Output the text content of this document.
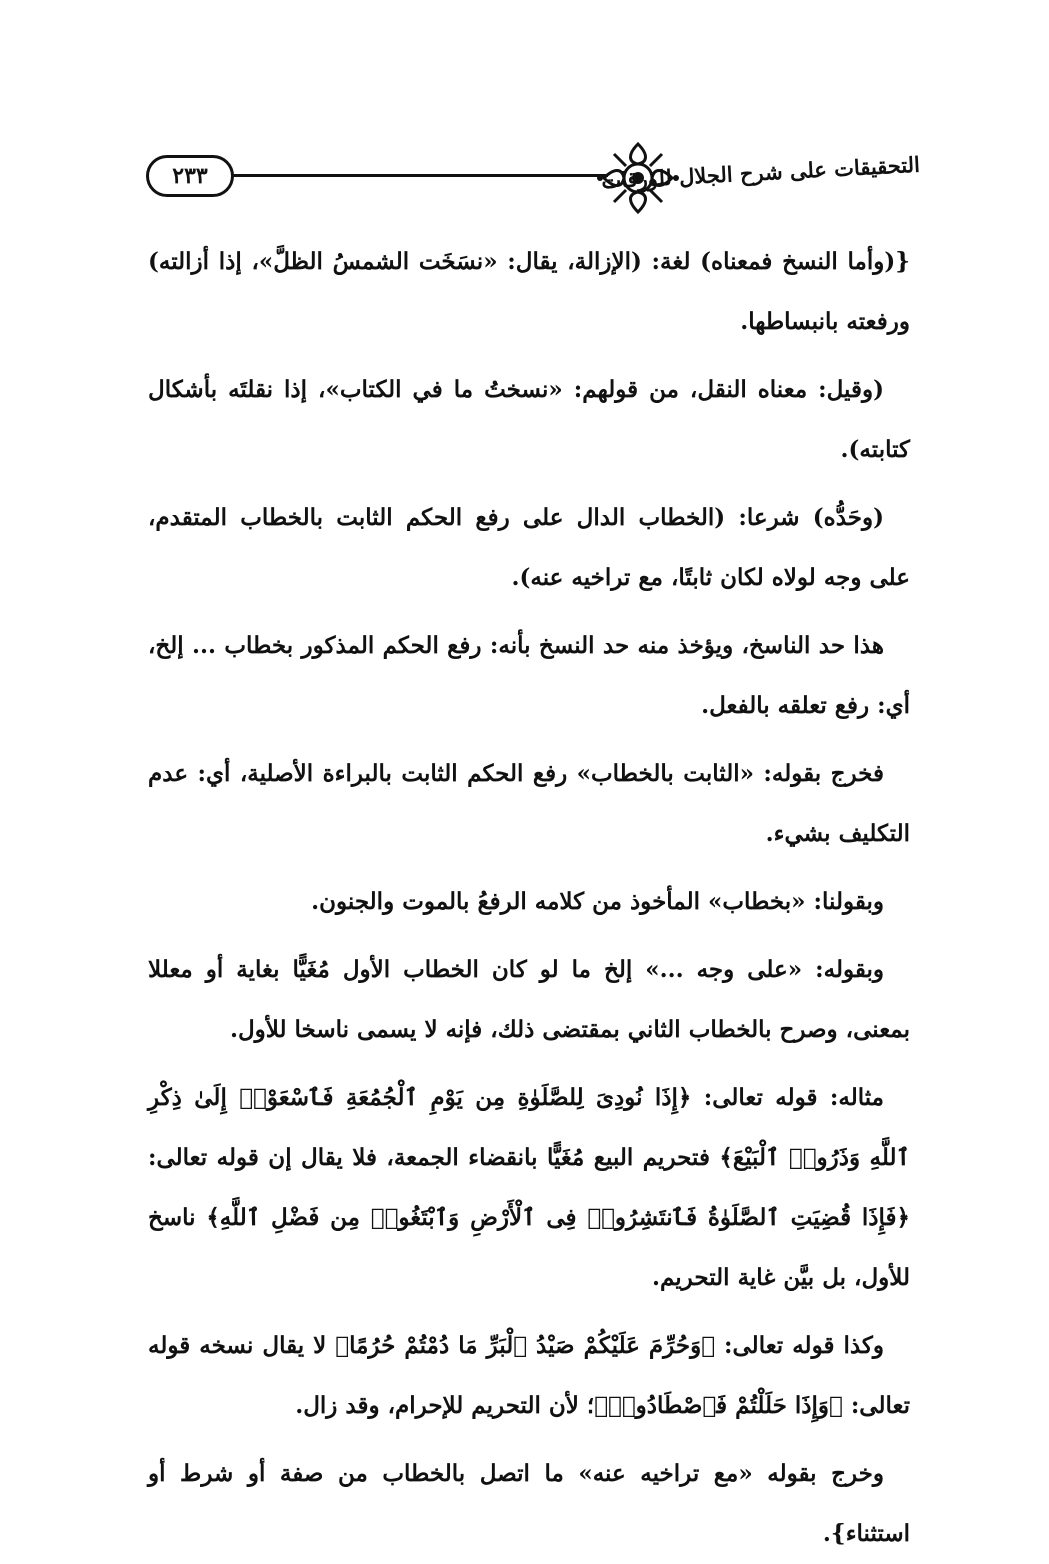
٢٣٣	التحقيقات على شرح الجلال للورقات

{(وأما النسخ فمعناه) لغة: (الإزالة، يقال: «نسَخَت الشمسُ الظلَّ»، إذا أزالته) ورفعته بانبساطها.

(وقيل: معناه النقل، من قولهم: «نسختُ ما في الكتاب»، إذا نقلتَه بأشكال كتابته).

(وحَدُّه) شرعا: (الخطاب الدال على رفع الحكم الثابت بالخطاب المتقدم، على وجه لولاه لكان ثابتًا، مع تراخيه عنه).

هذا حد الناسخ، ويؤخذ منه حد النسخ بأنه: رفع الحكم المذكور بخطاب ... إلخ، أي: رفع تعلقه بالفعل.

فخرج بقوله: «الثابت بالخطاب» رفع الحكم الثابت بالبراءة الأصلية، أي: عدم التكليف بشيء.

وبقولنا: «بخطاب» المأخوذ من كلامه الرفعُ بالموت والجنون.

وبقوله: «على وجه ...» إلخ ما لو كان الخطاب الأول مُغَيًّا بغاية أو معللا بمعنى، وصرح بالخطاب الثاني بمقتضى ذلك، فإنه لا يسمى ناسخا للأول.

مثاله: قوله تعالى: ﴿إِذَا نُودِىَ لِلصَّلَوٰةِ مِن يَوْمِ ٱلْجُمُعَةِ فَٱسْعَوْا۟ إِلَىٰ ذِكْرِ ٱللَّهِ وَذَرُوا۟ ٱلْبَيْعَ﴾ فتحريم البيع مُغَيًّا بانقضاء الجمعة، فلا يقال إن قوله تعالى: ﴿فَإِذَا قُضِيَتِ ٱلصَّلَوٰةُ فَٱنتَشِرُوا۟ فِى ٱلْأَرْضِ وَٱبْتَغُوا۟ مِن فَضْلِ ٱللَّهِ﴾ ناسخ للأول، بل بيَّن غاية التحريم.

وكذا قوله تعالى: ﴿وَحُرِّمَ عَلَيْكُمْ صَيْدُ ٱلْبَرِّ مَا دُمْتُمْ حُرُمًا﴾ لا يقال نسخه قوله تعالى: ﴿وَإِذَا حَلَلْتُمْ فَٱصْطَادُوا۟﴾؛ لأن التحريم للإحرام، وقد زال.

وخرج بقوله «مع تراخيه عنه» ما اتصل بالخطاب من صفة أو شرط أو استثناء}.
